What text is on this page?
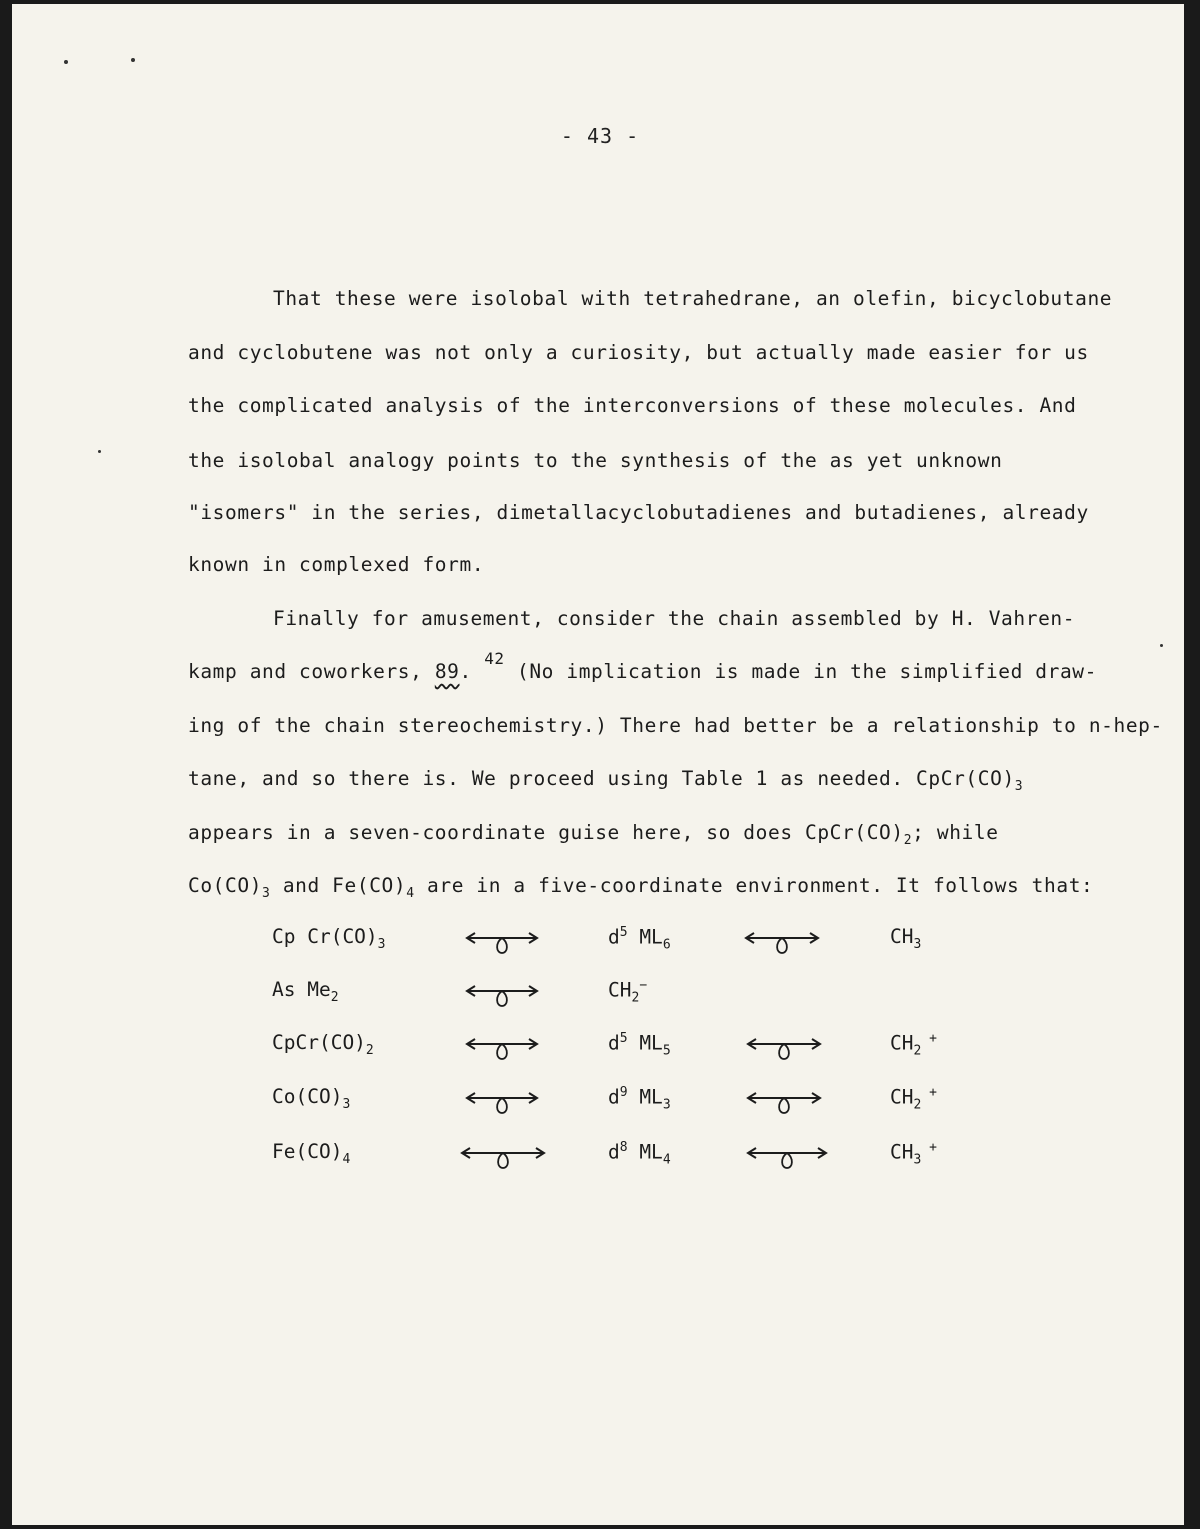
- 43 -
That these were isolobal with tetrahedrane, an olefin, bicyclobutane
and cyclobutene was not only a curiosity, but actually made easier for us
the complicated analysis of the interconversions of these molecules. And
the isolobal analogy points to the synthesis of the as yet unknown
"isomers" in the series, dimetallacyclobutadienes and butadienes, already
known in complexed form.
Finally for amusement, consider the chain assembled by H. Vahren-
kamp and coworkers, 89. $^{42}$ (No implication is made in the simplified draw-
ing of the chain stereochemistry.) There had better be a relationship to n-hep-
tane, and so there is. We proceed using Table 1 as needed. $CpCr(CO)_3$
appears in a seven-coordinate guise here, so does $CpCr(CO)_2$; while
$Co(CO)_3$ and $Fe(CO)_4$ are in a five-coordinate environment. It follows that:
Cp $Cr(CO)_3$	$d^5$ $ML_6$	$CH_3$
As $Me_2$	$CH_2^-$
$CpCr(CO)_2$	$d^5$ $ML_5$	$CH_2$ +
$Co(CO)_3$	$d^9$ $ML_3$	$CH_2$ +
$Fe(CO)_4$	$d^8$ $ML_4$	$CH_3$ +
